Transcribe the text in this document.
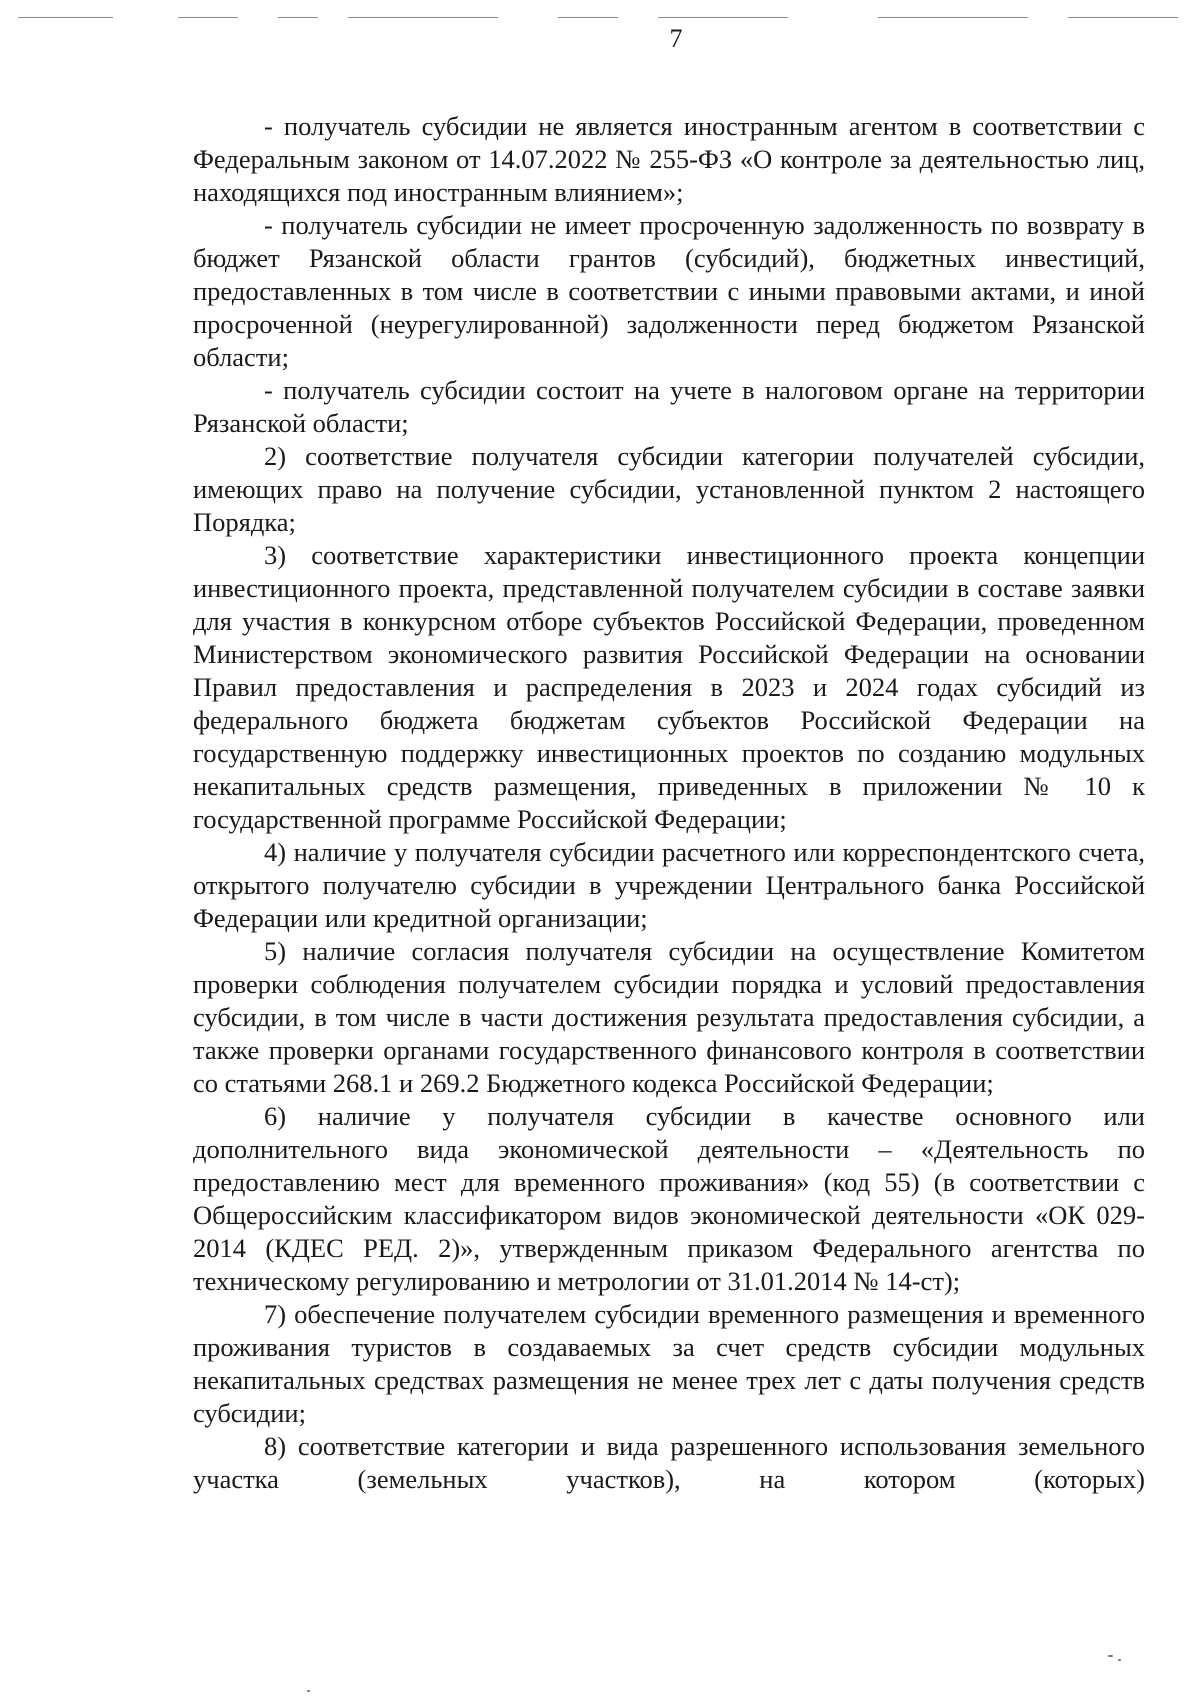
7

- получатель субсидии не является иностранным агентом в соответствии с Федеральным законом от 14.07.2022 № 255-ФЗ «О контроле за деятельностью лиц, находящихся под иностранным влиянием»;

- получатель субсидии не имеет просроченную задолженность по возврату в бюджет Рязанской области грантов (субсидий), бюджетных инвестиций, предоставленных в том числе в соответствии с иными правовыми актами, и иной просроченной (неурегулированной) задолженности перед бюджетом Рязанской области;

- получатель субсидии состоит на учете в налоговом органе на территории Рязанской области;

2) соответствие получателя субсидии категории получателей субсидии, имеющих право на получение субсидии, установленной пунктом 2 настоящего Порядка;

3) соответствие характеристики инвестиционного проекта концепции инвестиционного проекта, представленной получателем субсидии в составе заявки для участия в конкурсном отборе субъектов Российской Федерации, проведенном Министерством экономического развития Российской Федерации на основании Правил предоставления и распределения в 2023 и 2024 годах субсидий из федерального бюджета бюджетам субъектов Российской Федерации на государственную поддержку инвестиционных проектов по созданию модульных некапитальных средств размещения, приведенных в приложении № 10 к государственной программе Российской Федерации;

4) наличие у получателя субсидии расчетного или корреспондентского счета, открытого получателю субсидии в учреждении Центрального банка Российской Федерации или кредитной организации;

5) наличие согласия получателя субсидии на осуществление Комитетом проверки соблюдения получателем субсидии порядка и условий предоставления субсидии, в том числе в части достижения результата предоставления субсидии, а также проверки органами государственного финансового контроля в соответствии со статьями 268.1 и 269.2 Бюджетного кодекса Российской Федерации;

6) наличие у получателя субсидии в качестве основного или дополнительного вида экономической деятельности – «Деятельность по предоставлению мест для временного проживания» (код 55) (в соответствии с Общероссийским классификатором видов экономической деятельности «ОК 029-2014 (КДЕС РЕД. 2)», утвержденным приказом Федерального агентства по техническому регулированию и метрологии от 31.01.2014 № 14-ст);

7) обеспечение получателем субсидии временного размещения и временного проживания туристов в создаваемых за счет средств субсидии модульных некапитальных средствах размещения не менее трех лет с даты получения средств субсидии;

8) соответствие категории и вида разрешенного использования земельного участка (земельных участков), на котором (которых)
